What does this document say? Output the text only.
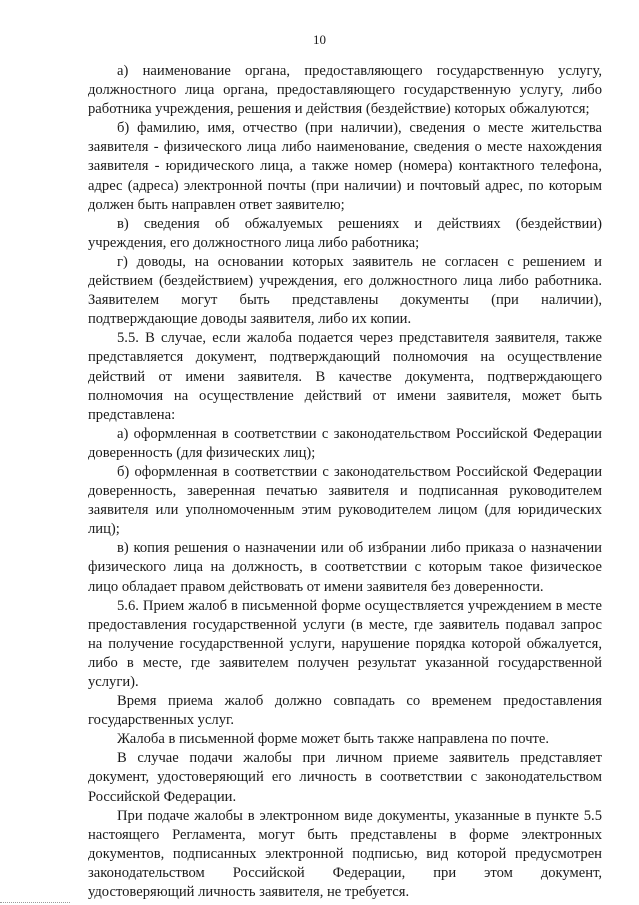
10
а) наименование органа, предоставляющего государственную услугу,
должностного лица органа, предоставляющего государственную услугу, либо
работника учреждения, решения и действия (бездействие) которых обжалуются;
б) фамилию, имя, отчество (при наличии), сведения о месте жительства
заявителя - физического лица либо наименование, сведения о месте нахождения
заявителя - юридического лица, а также номер (номера) контактного телефона,
адрес (адреса) электронной почты (при наличии) и почтовый адрес, по которым
должен быть направлен ответ заявителю;
в) сведения об обжалуемых решениях и действиях (бездействии)
учреждения, его должностного лица либо работника;
г) доводы, на основании которых заявитель не согласен с решением и
действием (бездействием) учреждения, его должностного лица либо работника.
Заявителем могут быть представлены документы (при наличии),
подтверждающие доводы заявителя, либо их копии.
5.5. В случае, если жалоба подается через представителя заявителя, также
представляется документ, подтверждающий полномочия на осуществление
действий от имени заявителя. В качестве документа, подтверждающего
полномочия на осуществление действий от имени заявителя, может быть
представлена:
а) оформленная в соответствии с законодательством Российской Федерации
доверенность (для физических лиц);
б) оформленная в соответствии с законодательством Российской Федерации
доверенность, заверенная печатью заявителя и подписанная руководителем
заявителя или уполномоченным этим руководителем лицом (для юридических
лиц);
в) копия решения о назначении или об избрании либо приказа о назначении
физического лица на должность, в соответствии с которым такое физическое
лицо обладает правом действовать от имени заявителя без доверенности.
5.6. Прием жалоб в письменной форме осуществляется учреждением в месте
предоставления государственной услуги (в месте, где заявитель подавал запрос
на получение государственной услуги, нарушение порядка которой обжалуется,
либо в месте, где заявителем получен результат указанной государственной
услуги).
Время приема жалоб должно совпадать со временем предоставления
государственных услуг.
Жалоба в письменной форме может быть также направлена по почте.
В случае подачи жалобы при личном приеме заявитель представляет
документ, удостоверяющий его личность в соответствии с законодательством
Российской Федерации.
При подаче жалобы в электронном виде документы, указанные в пункте 5.5
настоящего Регламента, могут быть представлены в форме электронных
документов, подписанных электронной подписью, вид которой предусмотрен
законодательством Российской Федерации, при этом документ,
удостоверяющий личность заявителя, не требуется.
